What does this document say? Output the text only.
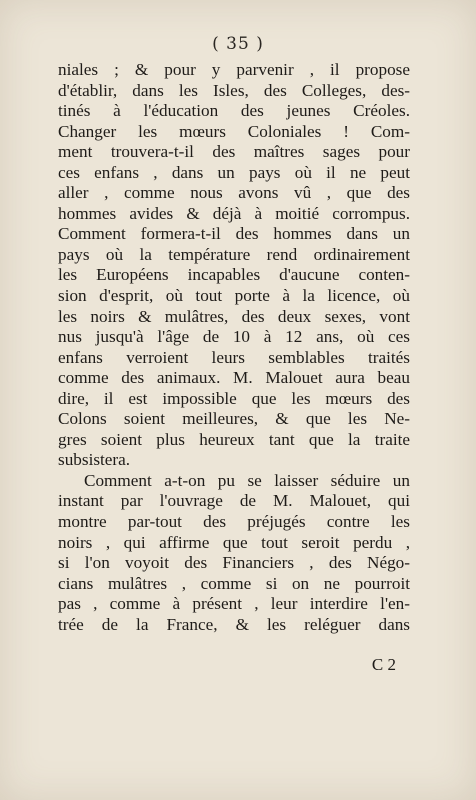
( 35 )
niales ; & pour y parvenir , il propose
d'établir, dans les Isles, des Colleges, des-
tinés à l'éducation des jeunes Créoles.
Changer les mœurs Coloniales ! Com-
ment trouvera-t-il des maîtres sages pour
ces enfans , dans un pays où il ne peut
aller , comme nous avons vû , que des
hommes avides & déjà à moitié corrompus.
Comment formera-t-il des hommes dans un
pays où la température rend ordinairement
les Européens incapables d'aucune conten-
sion d'esprit, où tout porte à la licence, où
les noirs & mulâtres, des deux sexes, vont
nus jusqu'à l'âge de 10 à 12 ans, où ces
enfans verroient leurs semblables traités
comme des animaux. M. Malouet aura beau
dire, il est impossible que les mœurs des
Colons soient meilleures, & que les Ne-
gres soient plus heureux tant que la traite
subsistera.
Comment a-t-on pu se laisser séduire un
instant par l'ouvrage de M. Malouet, qui
montre par-tout des préjugés contre les
noirs , qui affirme que tout seroit perdu ,
si l'on voyoit des Financiers , des Négo-
cians mulâtres , comme si on ne pourroit
pas , comme à présent , leur interdire l'en-
trée de la France, & les reléguer dans
C 2
